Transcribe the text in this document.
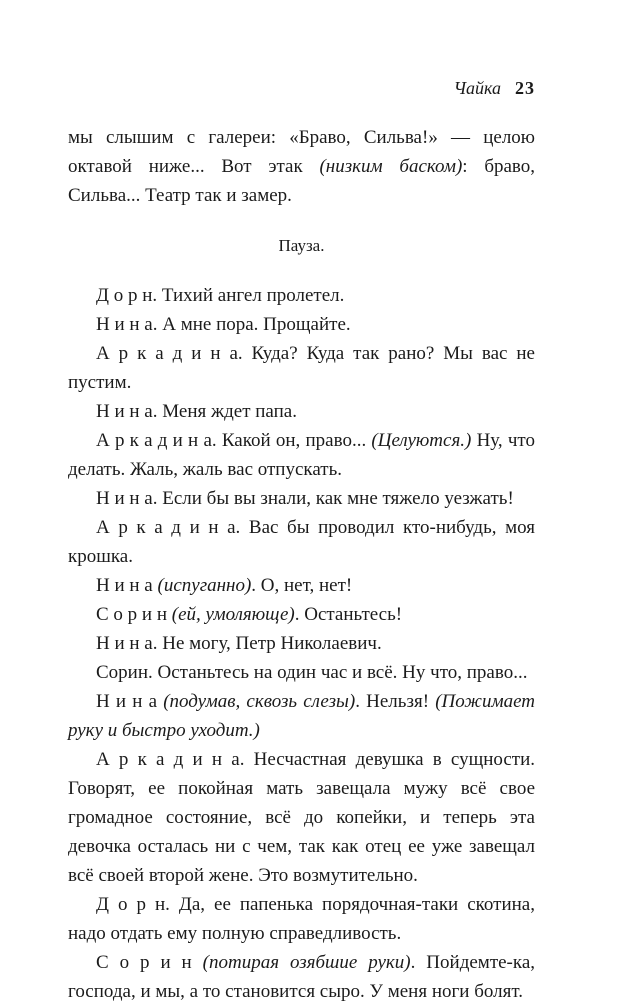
Чайка 23

мы слышим с галереи: «Браво, Сильва!» — целою октавой ниже... Вот этак (низким баском): браво, Сильва... Театр так и замер.

Пауза.

Д о р н. Тихий ангел пролетел.

Н и н а. А мне пора. Прощайте.

А р к а д и н а. Куда? Куда так рано? Мы вас не пустим.

Н и н а. Меня ждет папа.

А р к а д и н а. Какой он, право... (Целуются.) Ну, что делать. Жаль, жаль вас отпускать.

Н и н а. Если бы вы знали, как мне тяжело уезжать!

А р к а д и н а. Вас бы проводил кто-нибудь, моя крошка.

Н и н а (испуганно). О, нет, нет!

С о р и н (ей, умоляюще). Останьтесь!

Н и н а. Не могу, Петр Николаевич.

Сорин. Останьтесь на один час и всё. Ну что, право...

Н и н а (подумав, сквозь слезы). Нельзя! (Пожимает руку и быстро уходит.)

А р к а д и н а. Несчастная девушка в сущности. Говорят, ее покойная мать завещала мужу всё свое громадное состояние, всё до копейки, и теперь эта девочка осталась ни с чем, так как отец ее уже завещал всё своей второй жене. Это возмутительно.

Д о р н. Да, ее папенька порядочная-таки скотина, надо отдать ему полную справедливость.

С о р и н (потирая озябшие руки). Пойдемте-ка, господа, и мы, а то становится сыро. У меня ноги болят.
